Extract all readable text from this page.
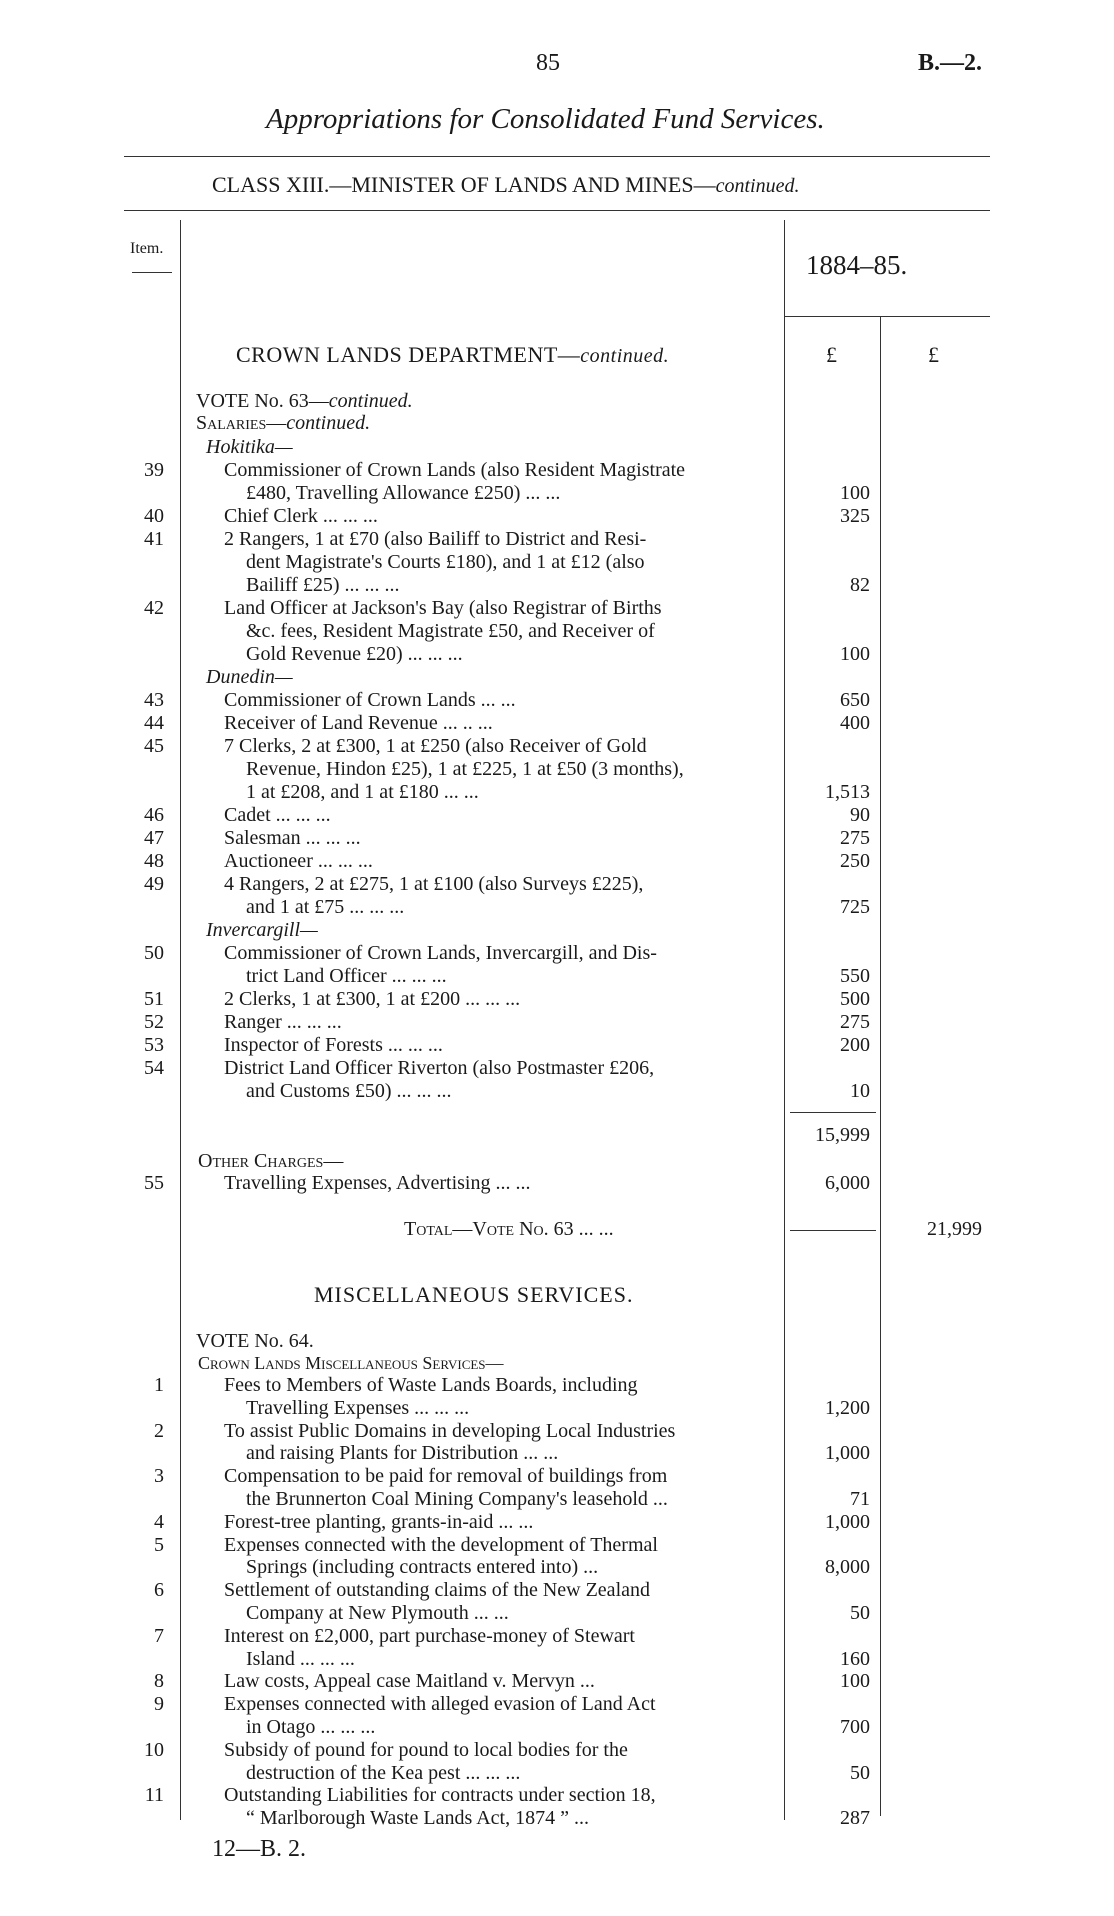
85	B.—2.
Appropriations for Consolidated Fund Services.
CLASS XIII.—MINISTER OF LANDS AND MINES—continued.
Item.
1884–85.
£	£
CROWN LANDS DEPARTMENT—continued.
VOTE No. 63—continued.
Salaries—continued.
Hokitika—
39	Commissioner of Crown Lands (also Resident Magistrate
£480, Travelling Allowance £250) ... ...	100
40	Chief Clerk ... ... ...	325
41	2 Rangers, 1 at £70 (also Bailiff to District and Resi-
dent Magistrate's Courts £180), and 1 at £12 (also
Bailiff £25) ... ... ...	82
42	Land Officer at Jackson's Bay (also Registrar of Births
&c. fees, Resident Magistrate £50, and Receiver of
Gold Revenue £20) ... ... ...	100
Dunedin—
43	Commissioner of Crown Lands ... ...	650
44	Receiver of Land Revenue ... .. ...	400
45	7 Clerks, 2 at £300, 1 at £250 (also Receiver of Gold
Revenue, Hindon £25), 1 at £225, 1 at £50 (3 months),
1 at £208, and 1 at £180 ... ...	1,513
46	Cadet ... ... ...	90
47	Salesman ... ... ...	275
48	Auctioneer ... ... ...	250
49	4 Rangers, 2 at £275, 1 at £100 (also Surveys £225),
and 1 at £75 ... ... ...	725
Invercargill—
50	Commissioner of Crown Lands, Invercargill, and Dis-
trict Land Officer ... ... ...	550
51	2 Clerks, 1 at £300, 1 at £200 ... ... ...	500
52	Ranger ... ... ...	275
53	Inspector of Forests ... ... ...	200
54	District Land Officer Riverton (also Postmaster £206,
and Customs £50) ... ... ...	10
15,999
Other Charges—
55	Travelling Expenses, Advertising ... ...	6,000
Total—Vote No. 63 ... ...	21,999
MISCELLANEOUS SERVICES.
VOTE No. 64.
Crown Lands Miscellaneous Services—
1	Fees to Members of Waste Lands Boards, including
Travelling Expenses ... ... ...	1,200
2	To assist Public Domains in developing Local Industries
and raising Plants for Distribution ... ...	1,000
3	Compensation to be paid for removal of buildings from
the Brunnerton Coal Mining Company's leasehold ...	71
4	Forest-tree planting, grants-in-aid ... ...	1,000
5	Expenses connected with the development of Thermal
Springs (including contracts entered into) ...	8,000
6	Settlement of outstanding claims of the New Zealand
Company at New Plymouth ... ...	50
7	Interest on £2,000, part purchase-money of Stewart
Island ... ... ...	160
8	Law costs, Appeal case Maitland v. Mervyn ...	100
9	Expenses connected with alleged evasion of Land Act
in Otago ... ... ...	700
10	Subsidy of pound for pound to local bodies for the
destruction of the Kea pest ... ... ...	50
11	Outstanding Liabilities for contracts under section 18,
“ Marlborough Waste Lands Act, 1874 ” ...	287
12—B. 2.
